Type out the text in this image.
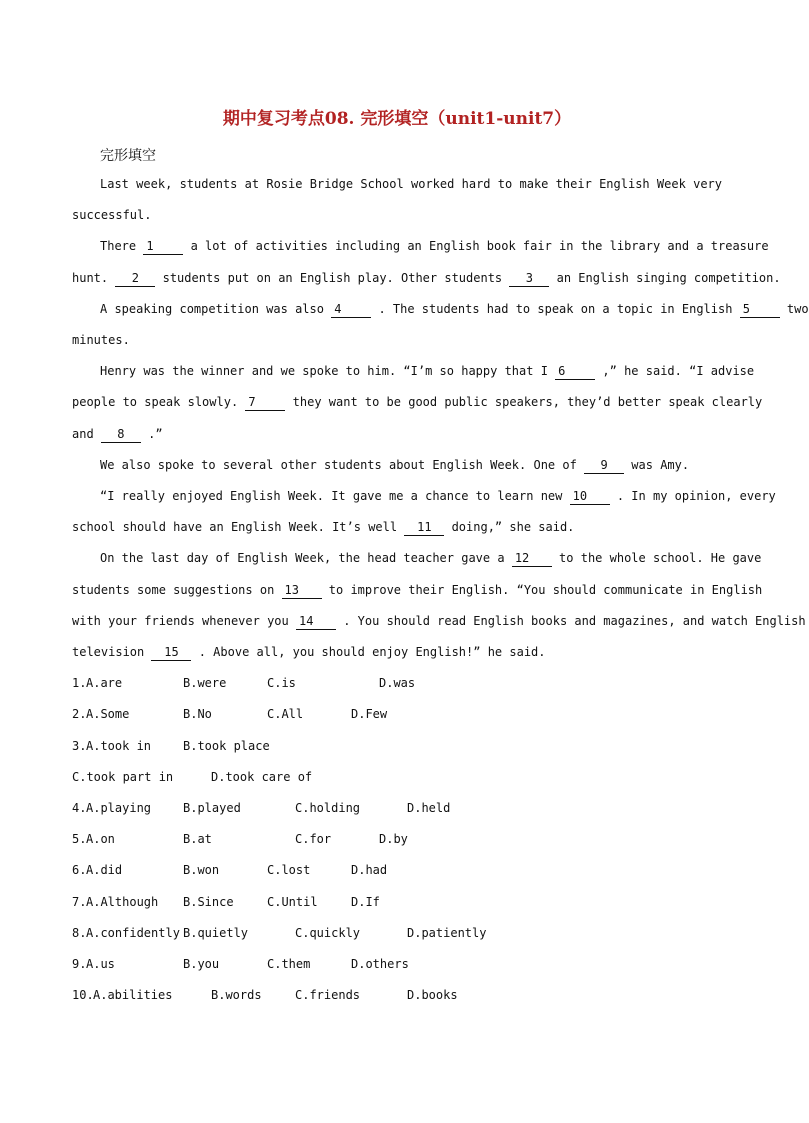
期中复习考点08. 完形填空（unit1-unit7）
完形填空
Last week, students at Rosie Bridge School worked hard to make their English Week very
successful.
There 1	a lot of activities including an English book fair in the library and a treasure
hunt. 2 students put on an English play. Other students 3 an English singing competition.
A speaking competition was also 4	. The students had to speak on a topic in English 5	two
minutes.
Henry was the winner and we spoke to him. “I’m so happy that I 6	,” he said. “I advise
people to speak slowly. 7	they want to be good public speakers, they’d better speak clearly
and 8 .”
We also spoke to several other students about English Week. One of 9 was Amy.
“I really enjoyed English Week. It gave me a chance to learn new 10 . In my opinion, every
school should have an English Week. It’s well 11 doing,” she said.
On the last day of English Week, the head teacher gave a 12 to the whole school. He gave
students some suggestions on 13 to improve their English. “You should communicate in English
with your friends whenever you 14 . You should read English books and magazines, and watch English
television 15 . Above all, you should enjoy English!” he said.
1. A.are	B.were	C.is	D.was
2. A.Some	B.No	C.All	D.Few
3. A.took in	B.took place
C.took part in	D.took care of
4. A.playing	B.played	C.holding	D.held
5. A.on	B.at	C.for	D.by
6. A.did	B.won	C.lost	D.had
7. A.Although B.Since	C.Until	D.If
8. A.confidently B.quietly	C.quickly	D.patiently
9. A.us	B.you	C.them	D.others
10. A.abilities	B.words	C.friends	D.books
